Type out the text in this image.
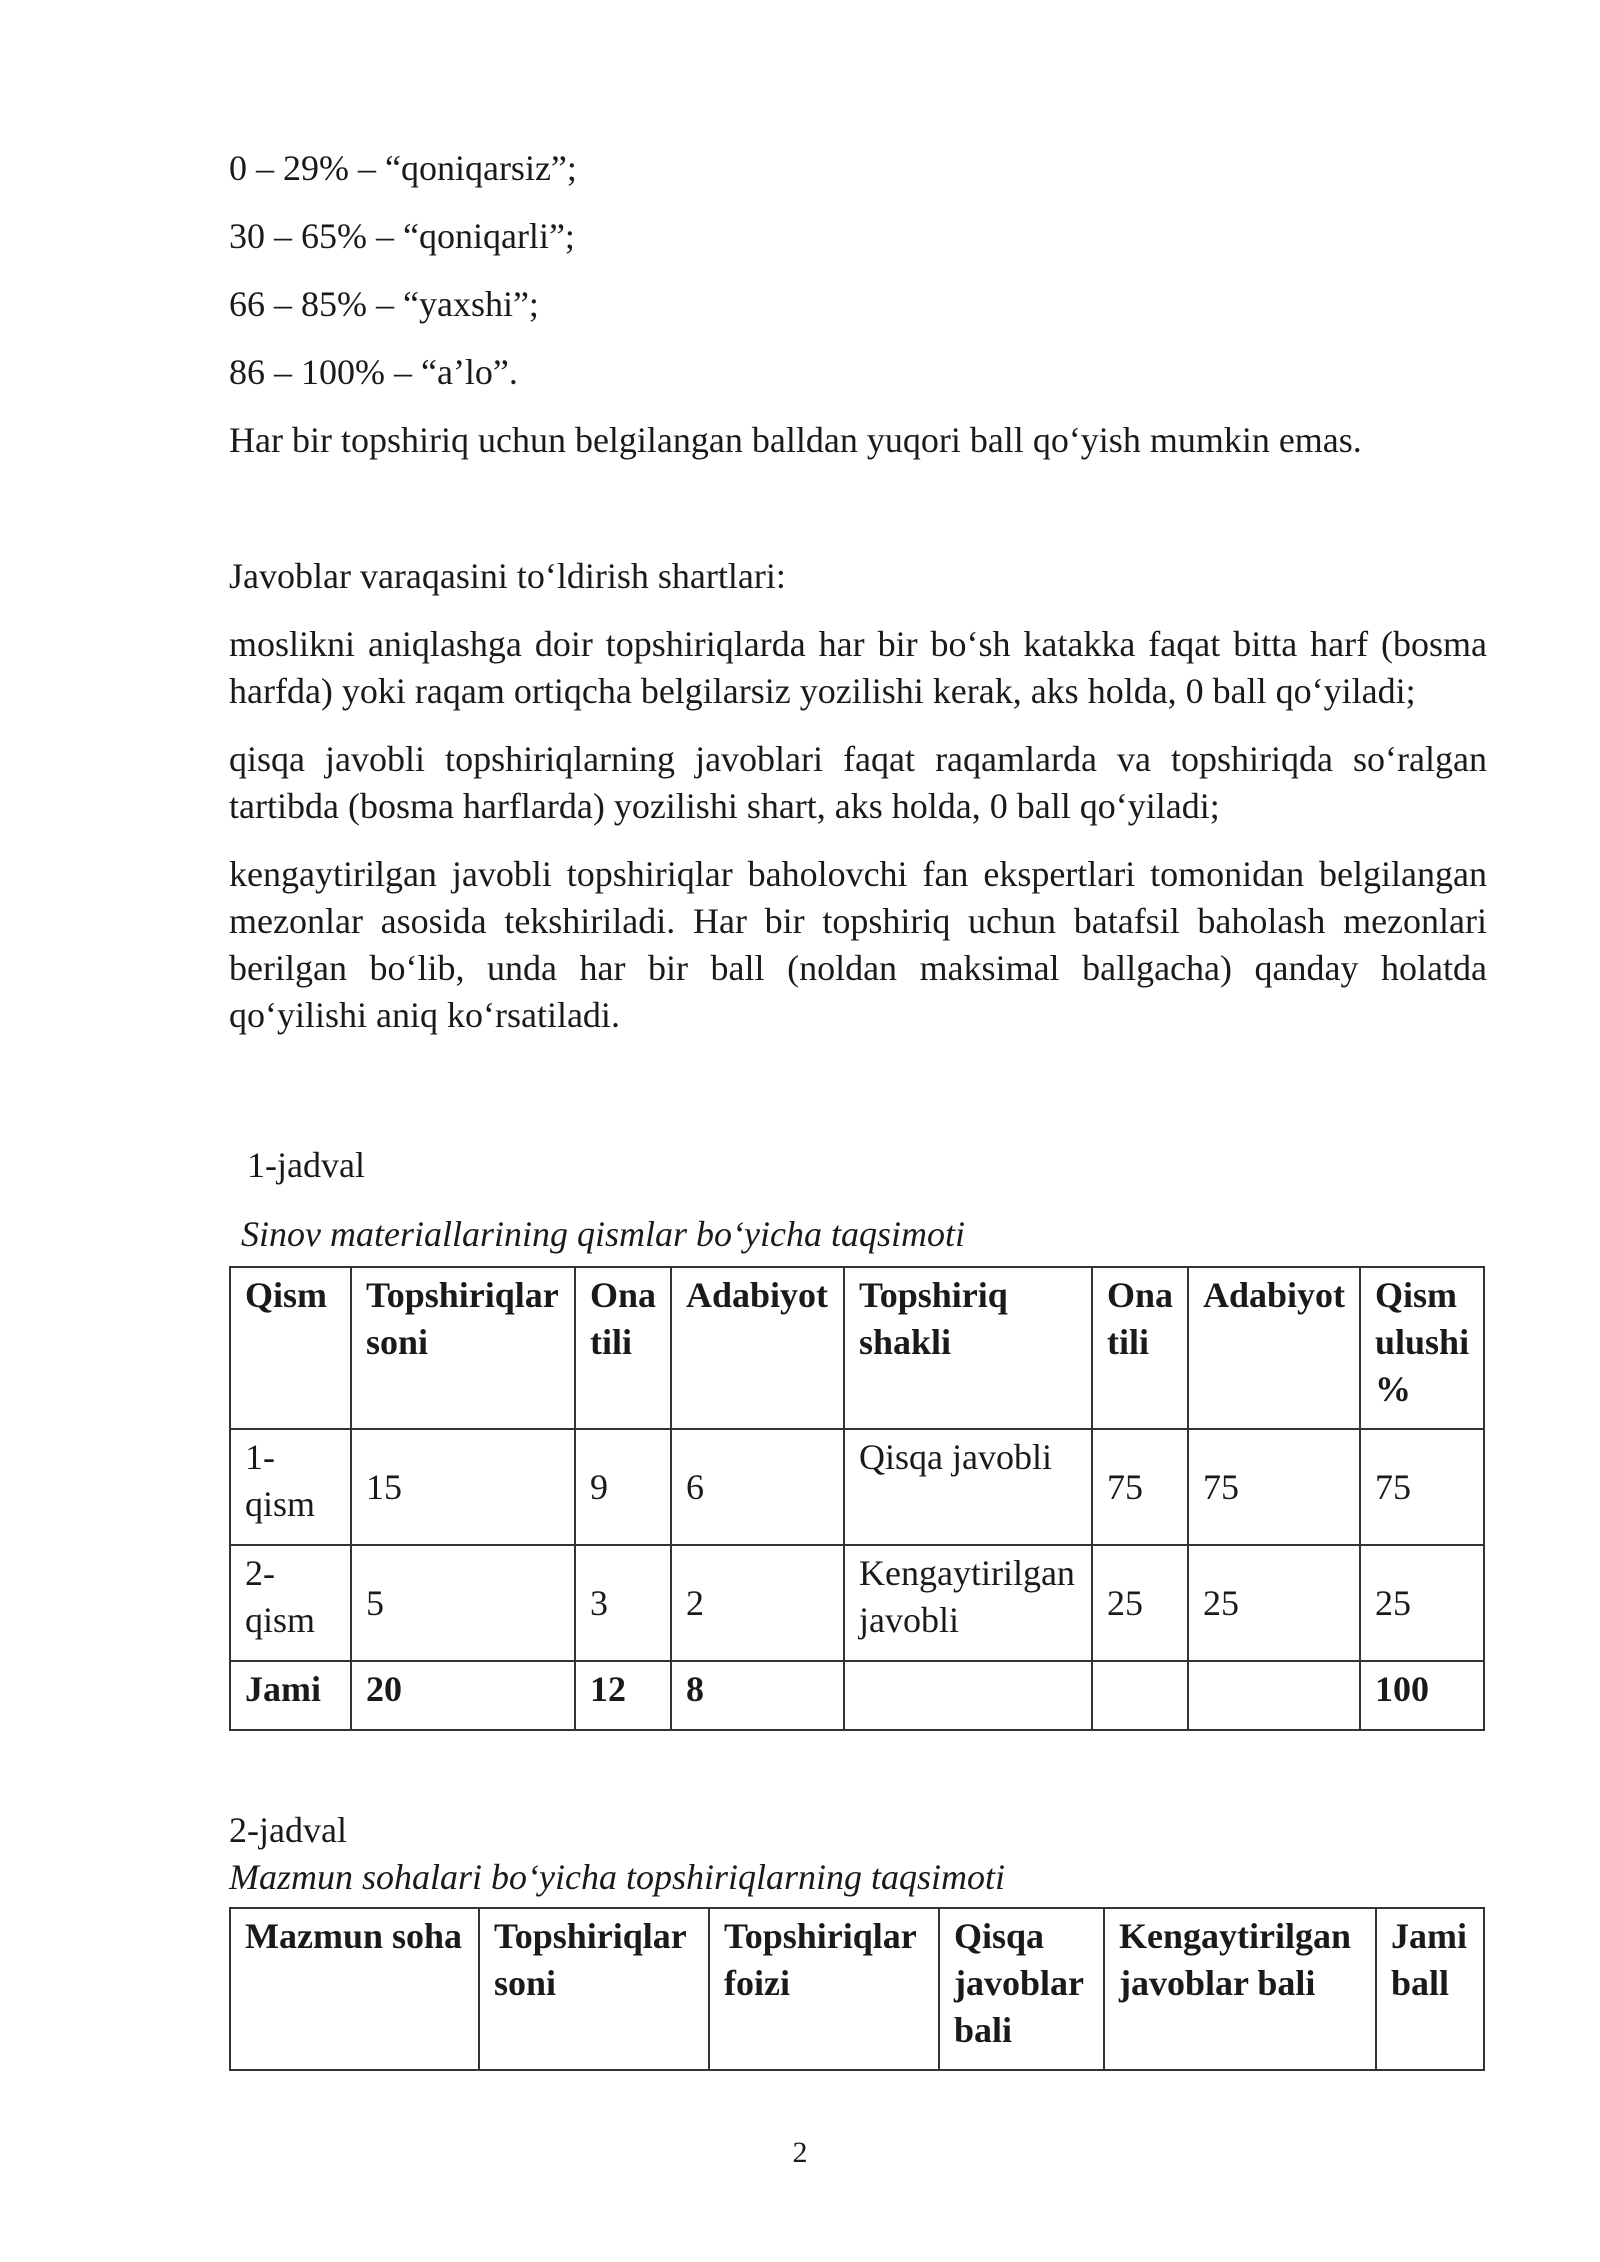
0 – 29% – “qoniqarsiz”;

30 – 65% – “qoniqarli”;

66 – 85% – “yaxshi”;

86 – 100% – “a’lo”.

Har bir topshiriq uchun belgilangan balldan yuqori ball qo‘yish mumkin emas.

Javoblar varaqasini to‘ldirish shartlari:

moslikni aniqlashga doir topshiriqlarda har bir bo‘sh katakka faqat bitta harf (bosma harfda) yoki raqam ortiqcha belgilarsiz yozilishi kerak, aks holda, 0 ball qo‘yiladi;

qisqa javobli topshiriqlarning javoblari faqat raqamlarda va topshiriqda so‘ralgan tartibda (bosma harflarda) yozilishi shart, aks holda, 0 ball qo‘yiladi;

kengaytirilgan javobli topshiriqlar baholovchi fan ekspertlari tomonidan belgilangan mezonlar asosida tekshiriladi. Har bir topshiriq uchun batafsil baholash mezonlari berilgan bo‘lib, unda har bir ball (noldan maksimal ballgacha) qanday holatda qo‘yilishi aniq ko‘rsatiladi.

1-jadval

Sinov materiallarining qismlar bo‘yicha taqsimoti

Qism	Topshiriqlar soni	Ona tili	Adabiyot	Topshiriq shakli	Ona tili	Adabiyot	Qism ulushi %
1-qism	15	9	6	Qisqa javobli	75	75	75
2-qism	5	3	2	Kengaytirilgan javobli	25	25	25
Jami	20	12	8				100

2-jadval

Mazmun sohalari bo‘yicha topshiriqlarning taqsimoti

Mazmun soha	Topshiriqlar soni	Topshiriqlar foizi	Qisqa javoblar bali	Kengaytirilgan javoblar bali	Jami ball
2
